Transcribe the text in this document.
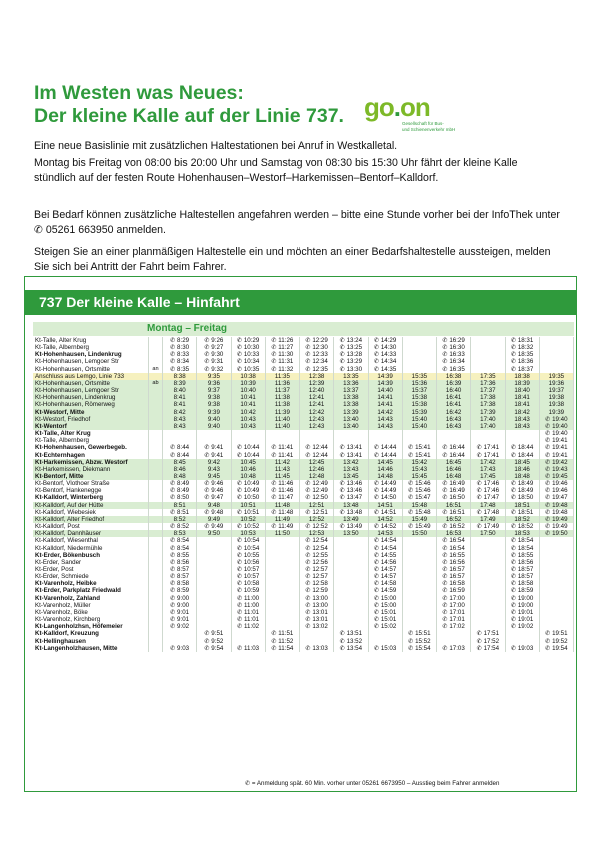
Im Westen was Neues:
Der kleine Kalle auf der Linie 737. go.on
Gesellschaft für Bus-
und Schienenverkehr mbH
Eine neue Basislinie mit zusätzlichen Haltestationen bei Anruf in Westkalletal.
Montag bis Freitag von 08:00 bis 20:00 Uhr und Samstag von 08:30 bis 15:30 Uhr fährt der kleine Kalle stündlich auf der festen Route Hohenhausen–Westorf–Harkemissen–Bentorf–Kalldorf.
Bei Bedarf können zusätzliche Haltestellen angefahren werden – bitte eine Stunde vorher bei der InfoThek unter ✆ 05261 663950 anmelden.
Steigen Sie an einer planmäßigen Haltestelle ein und möchten an einer Bedarfshaltestelle aussteigen, melden Sie sich bei Antritt der Fahrt beim Fahrer.
737 Der kleine Kalle – Hinfahrt
Montag – Freitag
Kt-Talle, Alter Krug		✆ 8:29	✆ 9:26	✆ 10:29	✆ 11:26	✆ 12:29	✆ 13:24	✆ 14:29		✆ 16:29		✆ 18:31	
Kt-Talle, Albernberg		✆ 8:30	✆ 9:27	✆ 10:30	✆ 11:27	✆ 12:30	✆ 13:25	✆ 14:30		✆ 16:30		✆ 18:32	
Kt-Hohenhausen, Lindenkrug		✆ 8:33	✆ 9:30	✆ 10:33	✆ 11:30	✆ 12:33	✆ 13:28	✆ 14:33		✆ 16:33		✆ 18:35	
Kt-Hohenhausen, Lemgoer Str		✆ 8:34	✆ 9:31	✆ 10:34	✆ 11:31	✆ 12:34	✆ 13:29	✆ 14:34		✆ 16:34		✆ 18:36	
Kt-Hohenhausen, Ortsmitte	an	✆ 8:35	✆ 9:32	✆ 10:35	✆ 11:32	✆ 12:35	✆ 13:30	✆ 14:35		✆ 16:35		✆ 18:37	
Anschluss aus Lemgo, Linie 733		8:38	9:35	10:38	11:35	12:38	13:35	14:39	15:35	16:38	17:35	18:38	19:35
Kt-Hohenhausen, Ortsmitte	ab	8:39	9:36	10:39	11:36	12:39	13:36	14:39	15:36	16:39	17:36	18:39	19:36
Kt-Hohenhausen, Lemgoer Str		8:40	9:37	10:40	11:37	12:40	13:37	14:40	15:37	16:40	17:37	18:40	19:37
Kt-Hohenhausen, Lindenkrug		8:41	9:38	10:41	11:38	12:41	13:38	14:41	15:38	16:41	17:38	18:41	19:38
Kt-Hohenhausen, Römerweg		8:41	9:38	10:41	11:38	12:41	13:38	14:41	15:38	16:41	17:38	18:41	19:38
Kt-Westorf, Mitte		8:42	9:39	10:42	11:39	12:42	13:39	14:42	15:39	16:42	17:39	18:42	19:39
Kt-Westorf, Friedhof		8:43	9:40	10:43	11:40	12:43	13:40	14:43	15:40	16:43	17:40	18:43	✆ 19:40
Kt-Wentorf		8:43	9:40	10:43	11:40	12:43	13:40	14:43	15:40	16:43	17:40	18:43	✆ 19:40
Kt-Talle, Alter Krug													✆ 19:40
Kt-Talle, Albernberg													✆ 19:41
Kt-Hohenhausen, Gewerbegeb.		✆ 8:44	✆ 9:41	✆ 10:44	✆ 11:41	✆ 12:44	✆ 13:41	✆ 14:44	✆ 15:41	✆ 16:44	✆ 17:41	✆ 18:44	✆ 19:41
Kt-Echternhagen		✆ 8:44	✆ 9:41	✆ 10:44	✆ 11:41	✆ 12:44	✆ 13:41	✆ 14:44	✆ 15:41	✆ 16:44	✆ 17:41	✆ 18:44	✆ 19:41
Kt-Harkemissen, Abzw. Westorf		8:45	9:42	10:45	11:42	12:45	13:42	14:45	15:42	16:45	17:42	18:45	✆ 19:42
Kt-Harkemissen, Diekmann		8:46	9:43	10:46	11:43	12:46	13:43	14:46	15:43	16:46	17:43	18:46	✆ 19:43
Kt-Bentorf, Mitte		8:48	9:45	10:48	11:45	12:48	13:45	14:48	15:45	16:48	17:45	18:48	✆ 19:45
Kt-Bentorf, Vlothoer Straße		✆ 8:49	✆ 9:46	✆ 10:49	✆ 11:46	✆ 12:49	✆ 13:46	✆ 14:49	✆ 15:46	✆ 16:49	✆ 17:46	✆ 18:49	✆ 19:46
Kt-Bentorf, Hankenegge		✆ 8:49	✆ 9:46	✆ 10:49	✆ 11:46	✆ 12:49	✆ 13:46	✆ 14:49	✆ 15:46	✆ 16:49	✆ 17:46	✆ 18:49	✆ 19:46
Kt-Kalldorf, Winterberg		✆ 8:50	✆ 9:47	✆ 10:50	✆ 11:47	✆ 12:50	✆ 13:47	✆ 14:50	✆ 15:47	✆ 16:50	✆ 17:47	✆ 18:50	✆ 19:47
Kt-Kalldorf, Auf der Hütte		8:51	9:48	10:51	11:48	12:51	13:48	14:51	15:48	16:51	17:48	18:51	✆ 19:48
Kt-Kalldorf, Wiebesiek		✆ 8:51	✆ 9:48	✆ 10:51	✆ 11:48	✆ 12:51	✆ 13:48	✆ 14:51	✆ 15:48	✆ 16:51	✆ 17:48	✆ 18:51	✆ 19:48
Kt-Kalldorf, Alter Friedhof		8:52	9:49	10:52	11:49	12:52	13:49	14:52	15:49	16:52	17:49	18:52	✆ 19:49
Kt-Kalldorf, Post		✆ 8:52	✆ 9:49	✆ 10:52	✆ 11:49	✆ 12:52	✆ 13:49	✆ 14:52	✆ 15:49	✆ 16:52	✆ 17:49	✆ 18:52	✆ 19:49
Kt-Kalldorf, Dannhäuser		8:53	9:50	10:53	11:50	12:53	13:50	14:53	15:50	16:53	17:50	18:53	✆ 19:50
Kt-Kalldorf, Wiesenthal		✆ 8:54		✆ 10:54		✆ 12:54		✆ 14:54		✆ 16:54		✆ 18:54	
Kt-Kalldorf, Niedermühle		✆ 8:54		✆ 10:54		✆ 12:54		✆ 14:54		✆ 16:54		✆ 18:54	
Kt-Erder, Bökenbusch		✆ 8:55		✆ 10:55		✆ 12:55		✆ 14:55		✆ 16:55		✆ 18:55	
Kt-Erder, Sander		✆ 8:56		✆ 10:56		✆ 12:56		✆ 14:56		✆ 16:56		✆ 18:56	
Kt-Erder, Post		✆ 8:57		✆ 10:57		✆ 12:57		✆ 14:57		✆ 16:57		✆ 18:57	
Kt-Erder, Schmiede		✆ 8:57		✆ 10:57		✆ 12:57		✆ 14:57		✆ 16:57		✆ 18:57	
Kt-Varenholz, Heibke		✆ 8:58		✆ 10:58		✆ 12:58		✆ 14:58		✆ 16:58		✆ 18:58	
Kt-Erder, Parkplatz Friedwald		✆ 8:59		✆ 10:59		✆ 12:59		✆ 14:59		✆ 16:59		✆ 18:59	
Kt-Varenholz, Zahland		✆ 9:00		✆ 11:00		✆ 13:00		✆ 15:00		✆ 17:00		✆ 19:00	
Kt-Varenholz, Müller		✆ 9:00		✆ 11:00		✆ 13:00		✆ 15:00		✆ 17:00		✆ 19:00	
Kt-Varenholz, Böke		✆ 9:01		✆ 11:01		✆ 13:01		✆ 15:01		✆ 17:01		✆ 19:01	
Kt-Varenholz, Kirchberg		✆ 9:01		✆ 11:01		✆ 13:01		✆ 15:01		✆ 17:01		✆ 19:01	
Kt-Langenholzhsn, Höfemeier		✆ 9:02		✆ 11:02		✆ 13:02		✆ 15:02		✆ 17:02		✆ 19:02	
Kt-Kalldorf, Kreuzung			✆ 9:51		✆ 11:51		✆ 13:51		✆ 15:51		✆ 17:51		✆ 19:51
Kt-Hellinghausen			✆ 9:52		✆ 11:52		✆ 13:52		✆ 15:52		✆ 17:52		✆ 19:52
Kt-Langenholzhausen, Mitte		✆ 9:03	✆ 9:54	✆ 11:03	✆ 11:54	✆ 13:03	✆ 13:54	✆ 15:03	✆ 15:54	✆ 17:03	✆ 17:54	✆ 19:03	✆ 19:54
✆ = Anmeldung spät. 60 Min. vorher unter 05261 6673950 – Ausstieg beim Fahrer anmelden
